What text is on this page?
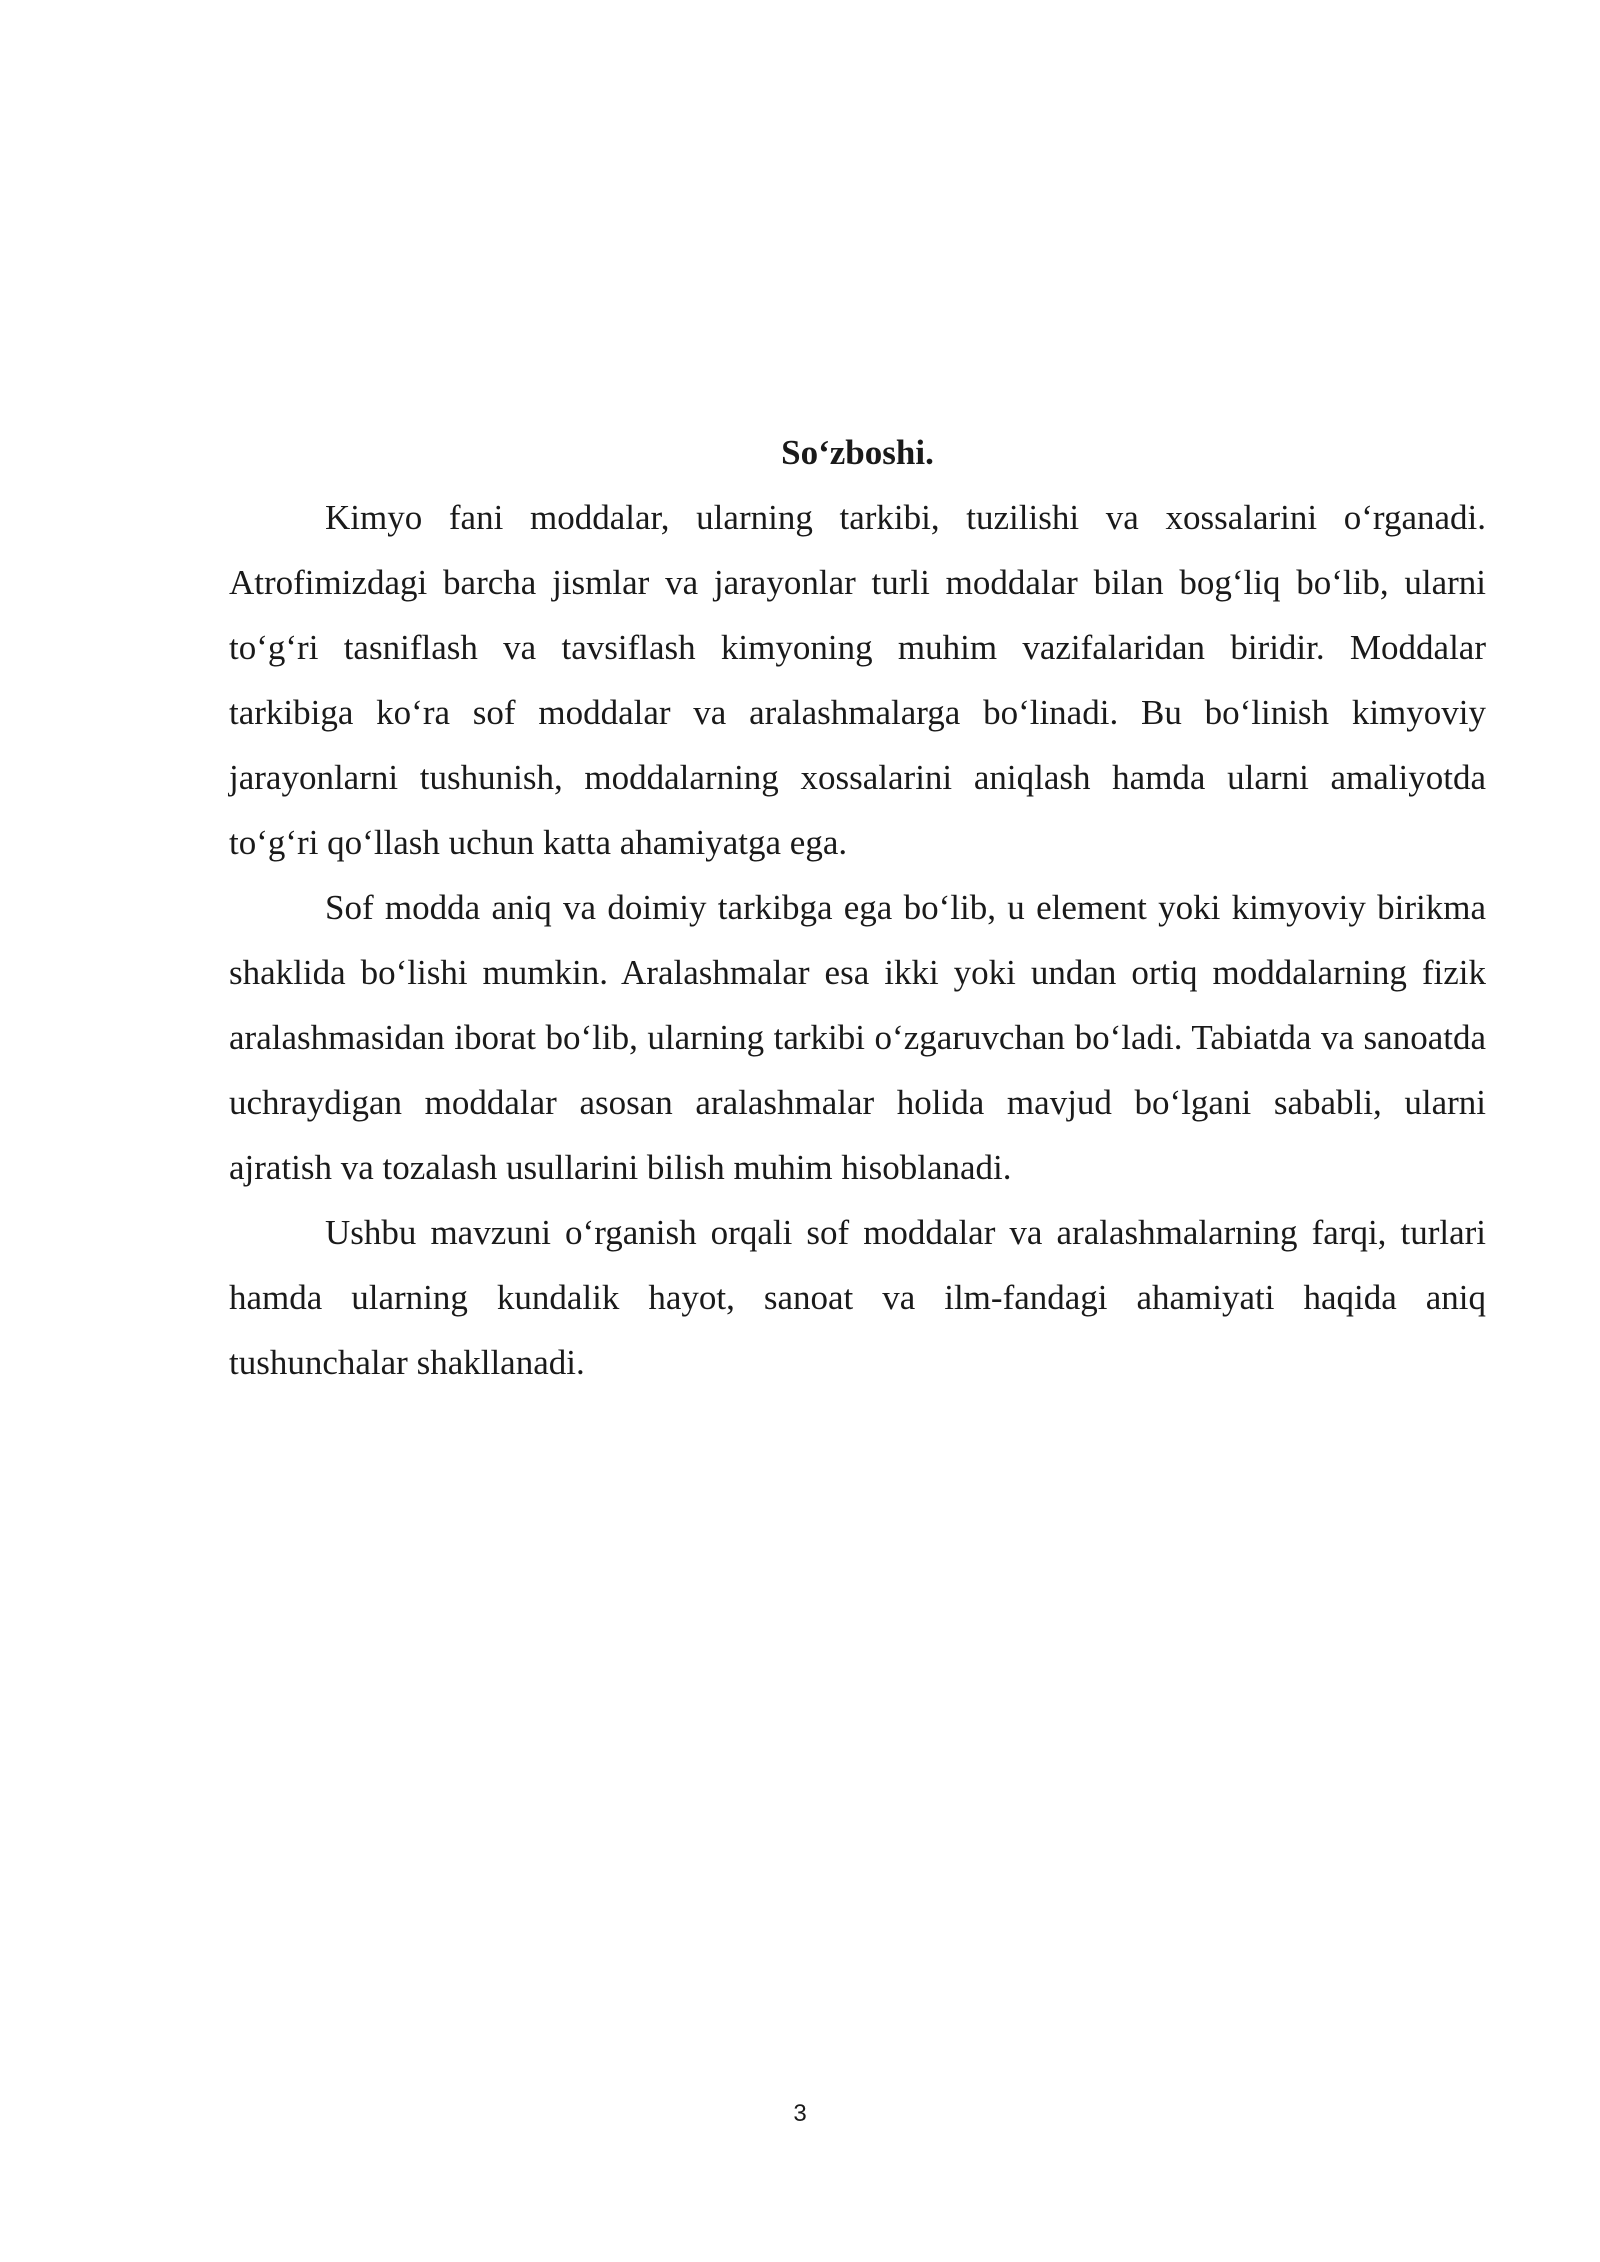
So‘zboshi.

Kimyo fani moddalar, ularning tarkibi, tuzilishi va xossalarini o‘rganadi. Atrofimizdagi barcha jismlar va jarayonlar turli moddalar bilan bog‘liq bo‘lib, ularni to‘g‘ri tasniflash va tavsiflash kimyoning muhim vazifalaridan biridir. Moddalar tarkibiga ko‘ra sof moddalar va aralashmalarga bo‘linadi. Bu bo‘linish kimyoviy jarayonlarni tushunish, moddalarning xossalarini aniqlash hamda ularni amaliyotda to‘g‘ri qo‘llash uchun katta ahamiyatga ega.

Sof modda aniq va doimiy tarkibga ega bo‘lib, u element yoki kimyoviy birikma shaklida bo‘lishi mumkin. Aralashmalar esa ikki yoki undan ortiq moddalarning fizik aralashmasidan iborat bo‘lib, ularning tarkibi o‘zgaruvchan bo‘ladi. Tabiatda va sanoatda uchraydigan moddalar asosan aralashmalar holida mavjud bo‘lgani sababli, ularni ajratish va tozalash usullarini bilish muhim hisoblanadi.

Ushbu mavzuni o‘rganish orqali sof moddalar va aralashmalarning farqi, turlari hamda ularning kundalik hayot, sanoat va ilm-fandagi ahamiyati haqida aniq tushunchalar shakllanadi.

3
